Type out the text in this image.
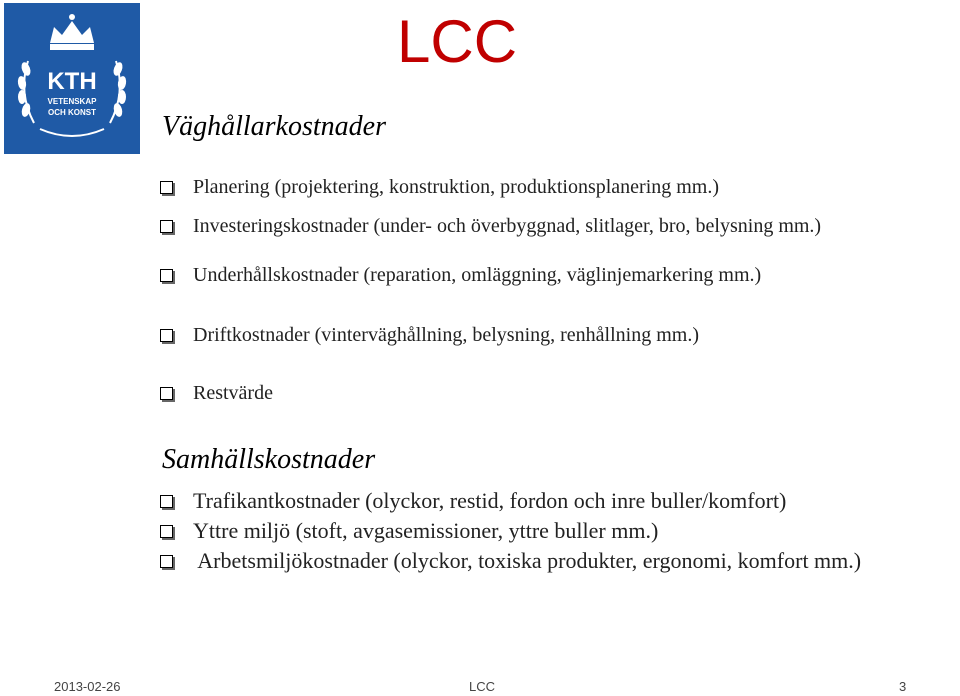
KTH
VETENSKAP
OCH KONST
LCC
Väghållarkostnader
Planering (projektering, konstruktion, produktionsplanering mm.)
Investeringskostnader (under- och överbyggnad, slitlager, bro, belysning mm.)
Underhållskostnader (reparation, omläggning, väglinjemarkering mm.)
Driftkostnader (vinterväghållning, belysning, renhållning mm.)
Restvärde
Samhällskostnader
Trafikantkostnader (olyckor, restid, fordon och inre buller/komfort)
Yttre miljö (stoft, avgasemissioner, yttre buller mm.)
Arbetsmiljökostnader (olyckor, toxiska produkter, ergonomi, komfort mm.)
2013-02-26	LCC	3
